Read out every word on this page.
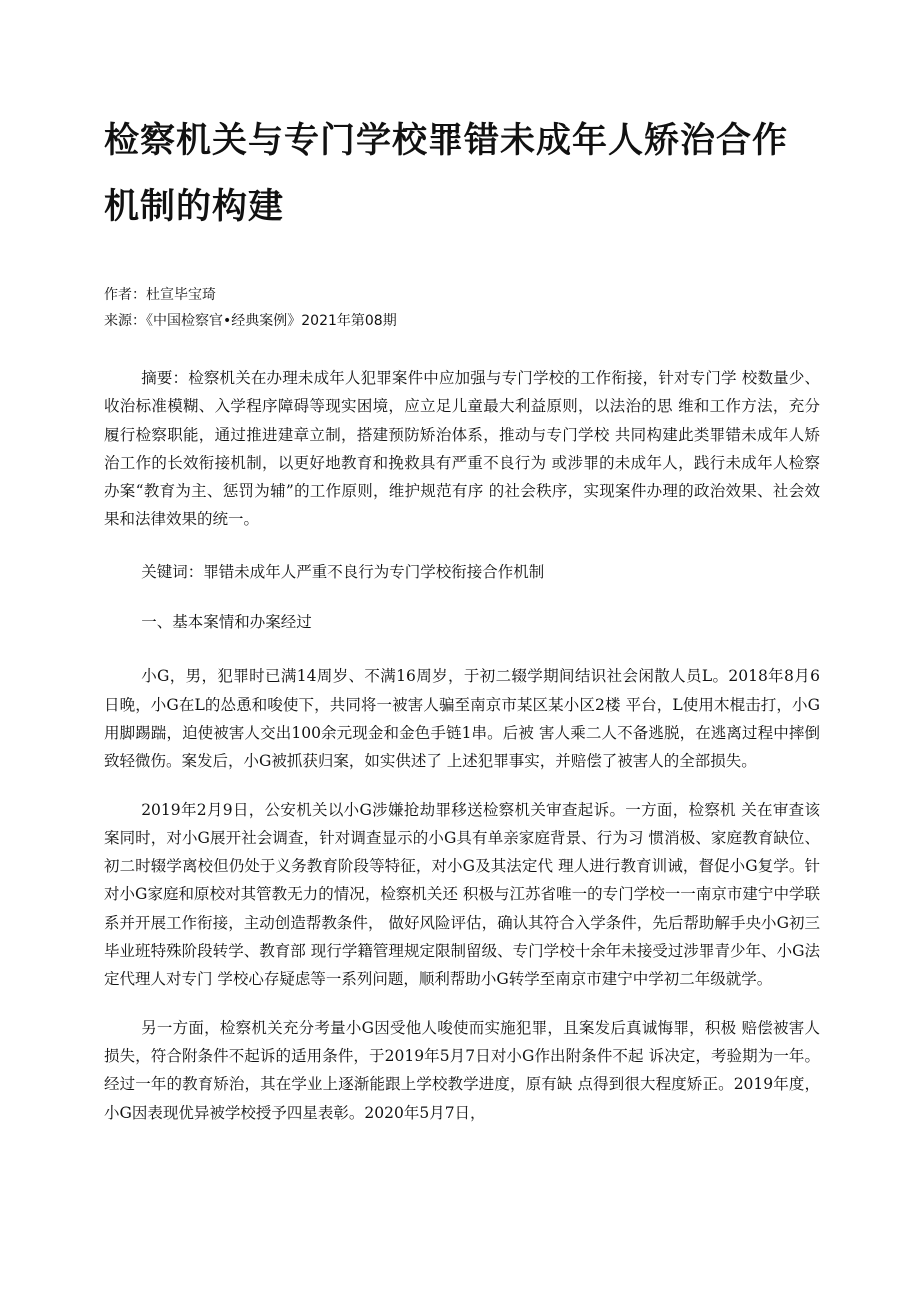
检察机关与专门学校罪错未成年人矫治合作机制的构建

作者：杜宣毕宝琦

来源：《中国检察官•经典案例》2021年第08期

摘要：检察机关在办理未成年人犯罪案件中应加强与专门学校的工作衔接，针对专门学 校数量少、收治标准模糊、入学程序障碍等现实困境，应立足儿童最大利益原则，以法治的思 维和工作方法，充分履行检察职能，通过推进建章立制，搭建预防矫治体系，推动与专门学校 共同构建此类罪错未成年人矫治工作的长效衔接机制，以更好地教育和挽救具有严重不良行为 或涉罪的未成年人，践行未成年人检察办案“教育为主、惩罚为辅”的工作原则，维护规范有序 的社会秩序，实现案件办理的政治效果、社会效果和法律效果的统一。

关键词：罪错未成年人严重不良行为专门学校衔接合作机制

一、基本案情和办案经过

小G，男，犯罪时已满14周岁、不满16周岁，于初二辍学期间结识社会闲散人员L。2018年8月6日晚，小G在L的怂恿和唆使下，共同将一被害人骗至南京市某区某小区2楼 平台，L使用木棍击打，小G用脚踢踹，迫使被害人交出100余元现金和金色手链1串。后被 害人乘二人不备逃脱，在逃离过程中摔倒致轻微伤。案发后，小G被抓获归案，如实供述了 上述犯罪事实，并赔偿了被害人的全部损失。

2019年2月9日，公安机关以小G涉嫌抢劫罪移送检察机关审查起诉。一方面，检察机 关在审查该案同时，对小G展开社会调查，针对调查显示的小G具有单亲家庭背景、行为习 惯消极、家庭教育缺位、初二时辍学离校但仍处于义务教育阶段等特征，对小G及其法定代 理人进行教育训诫，督促小G复学。针对小G家庭和原校对其管教无力的情况，检察机关还 积极与江苏省唯一的专门学校一一南京市建宁中学联系并开展工作衔接，主动创造帮教条件， 做好风险评估，确认其符合入学条件，先后帮助解手央小G初三毕业班特殊阶段转学、教育部 现行学籍管理规定限制留级、专门学校十余年未接受过涉罪青少年、小G法定代理人对专门 学校心存疑虑等一系列问题，顺利帮助小G转学至南京市建宁中学初二年级就学。

另一方面，检察机关充分考量小G因受他人唆使而实施犯罪，且案发后真诚悔罪，积极 赔偿被害人损失，符合附条件不起诉的适用条件，于2019年5月7日对小G作出附条件不起 诉决定，考验期为一年。经过一年的教育矫治，其在学业上逐渐能跟上学校教学进度，原有缺 点得到很大程度矫正。2019年度，小G因表现优异被学校授予四星表彰。2020年5月7日，
